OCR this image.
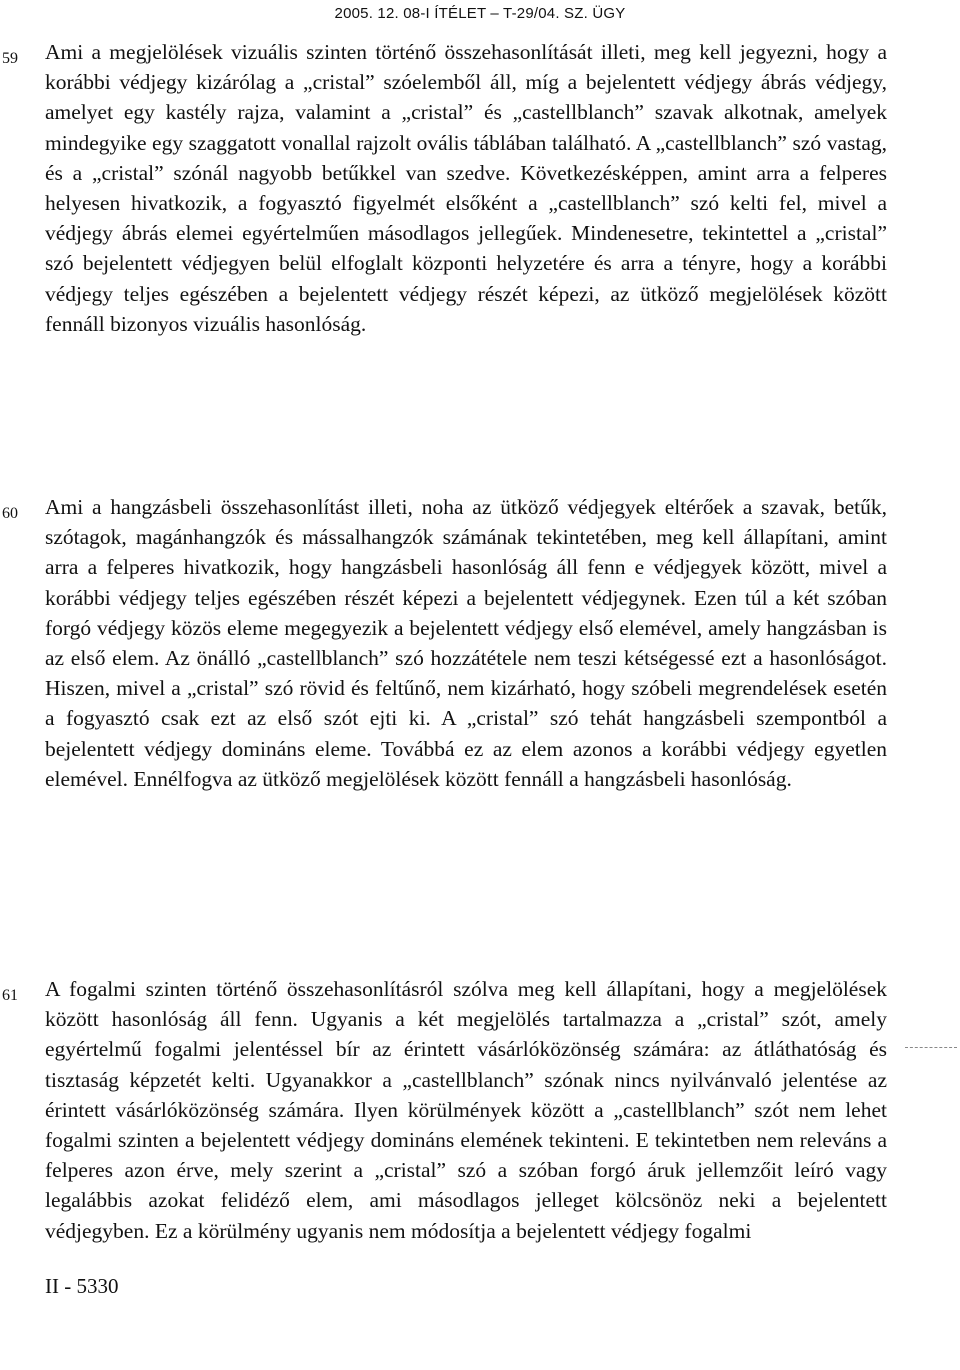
2005. 12. 08-I ÍTÉLET – T-29/04. SZ. ÜGY
59 Ami a megjelölések vizuális szinten történő összehasonlítását illeti, meg kell jegyezni, hogy a korábbi védjegy kizárólag a „cristal” szóelemből áll, míg a bejelentett védjegy ábrás védjegy, amelyet egy kastély rajza, valamint a „cristal” és „castellblanch” szavak alkotnak, amelyek mindegyike egy szaggatott vonallal rajzolt ovális táblában található. A „castellblanch” szó vastag, és a „cristal” szónál nagyobb betűkkel van szedve. Következésképpen, amint arra a felperes helyesen hivatkozik, a fogyasztó figyelmét elsőként a „castellblanch” szó kelti fel, mivel a védjegy ábrás elemei egyértelműen másodlagos jellegűek. Mindenesetre, tekintettel a „cristal” szó bejelentett védjegyen belül elfoglalt központi helyzetére és arra a tényre, hogy a korábbi védjegy teljes egészében a bejelentett védjegy részét képezi, az ütköző megjelölések között fennáll bizonyos vizuális hasonlóság.
60 Ami a hangzásbeli összehasonlítást illeti, noha az ütköző védjegyek eltérőek a szavak, betűk, szótagok, magánhangzók és mássalhangzók számának tekintetében, meg kell állapítani, amint arra a felperes hivatkozik, hogy hangzásbeli hasonlóság áll fenn e védjegyek között, mivel a korábbi védjegy teljes egészében részét képezi a bejelentett védjegynek. Ezen túl a két szóban forgó védjegy közös eleme megegyezik a bejelentett védjegy első elemével, amely hangzásban is az első elem. Az önálló „castellblanch” szó hozzátétele nem teszi kétségessé ezt a hasonlóságot. Hiszen, mivel a „cristal” szó rövid és feltűnő, nem kizárható, hogy szóbeli megrendelések esetén a fogyasztó csak ezt az első szót ejti ki. A „cristal” szó tehát hangzásbeli szempontból a bejelentett védjegy domináns eleme. Továbbá ez az elem azonos a korábbi védjegy egyetlen elemével. Ennélfogva az ütköző megjelölések között fennáll a hangzásbeli hasonlóság.
61 A fogalmi szinten történő összehasonlításról szólva meg kell állapítani, hogy a megjelölések között hasonlóság áll fenn. Ugyanis a két megjelölés tartalmazza a „cristal” szót, amely egyértelmű fogalmi jelentéssel bír az érintett vásárlóközönség számára: az átláthatóság és tisztaság képzetét kelti. Ugyanakkor a „castellblanch” szónak nincs nyilvánvaló jelentése az érintett vásárlóközönség számára. Ilyen körülmények között a „castellblanch” szót nem lehet fogalmi szinten a bejelentett védjegy domináns elemének tekinteni. E tekintetben nem releváns a felperes azon érve, mely szerint a „cristal” szó a szóban forgó áruk jellemzőit leíró vagy legalábbis azokat felidéző elem, ami másodlagos jelleget kölcsönöz neki a bejelentett védjegyben. Ez a körülmény ugyanis nem módosítja a bejelentett védjegy fogalmi
II - 5330
